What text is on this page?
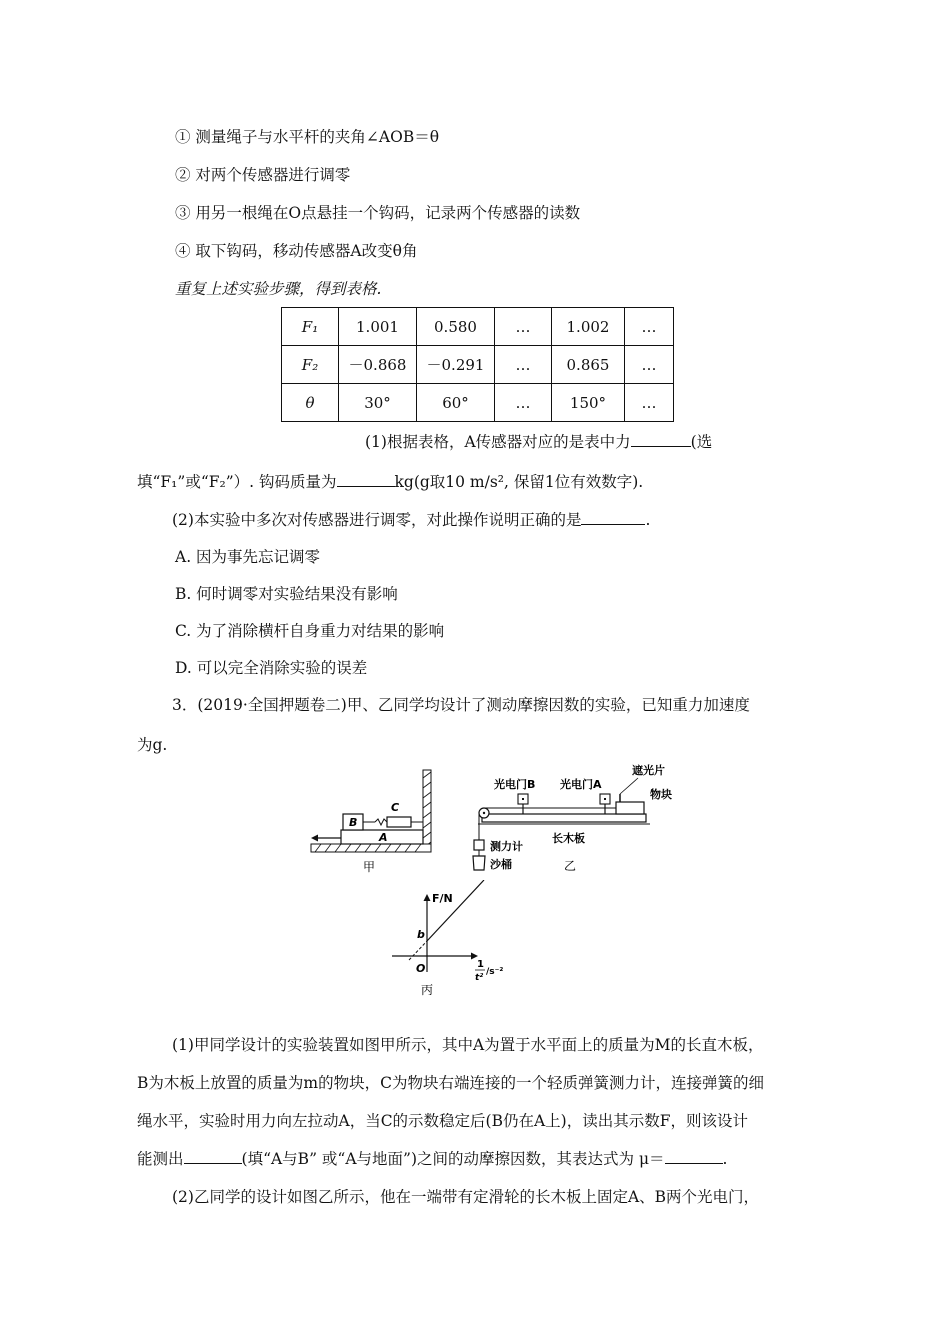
① 测量绳子与水平杆的夹角∠AOB＝θ
② 对两个传感器进行调零
③ 用另一根绳在O点悬挂一个钩码，记录两个传感器的读数
④ 取下钩码，移动传感器A改变θ角
重复上述实验步骤，得到表格.
F₁	1.001	0.580	…	1.002	…
F₂	－0.868	－0.291	…	0.865	…
θ	30°	60°	…	150°	…
(1)根据表格，A传感器对应的是表中力	(选
填“F₁”或“F₂”）. 钩码质量为	kg(g取10 m/s², 保留1位有效数字).
(2)本实验中多次对传感器进行调零，对此操作说明正确的是	.
A. 因为事先忘记调零
B. 何时调零对实验结果没有影响
C. 为了消除横杆自身重力对结果的影响
D. 可以完全消除实验的误差
3．(2019·全国押题卷二)甲、乙同学均设计了测动摩擦因数的实验，已知重力加速度
为g.
A
B
C
甲
光电门B 光电门A
遮光片
物块
测力计
沙桶
长木板
乙
F/N
b
O	1
t²
/s⁻²
丙
(1)甲同学设计的实验装置如图甲所示，其中A为置于水平面上的质量为M的长直木板，
B为木板上放置的质量为m的物块，C为物块右端连接的一个轻质弹簧测力计，连接弹簧的细
绳水平，实验时用力向左拉动A，当C的示数稳定后(B仍在A上)，读出其示数F，则该设计
能测出	(填“A与B” 或“A与地面”)之间的动摩擦因数，其表达式为 μ＝	.
(2)乙同学的设计如图乙所示，他在一端带有定滑轮的长木板上固定A、B两个光电门，
